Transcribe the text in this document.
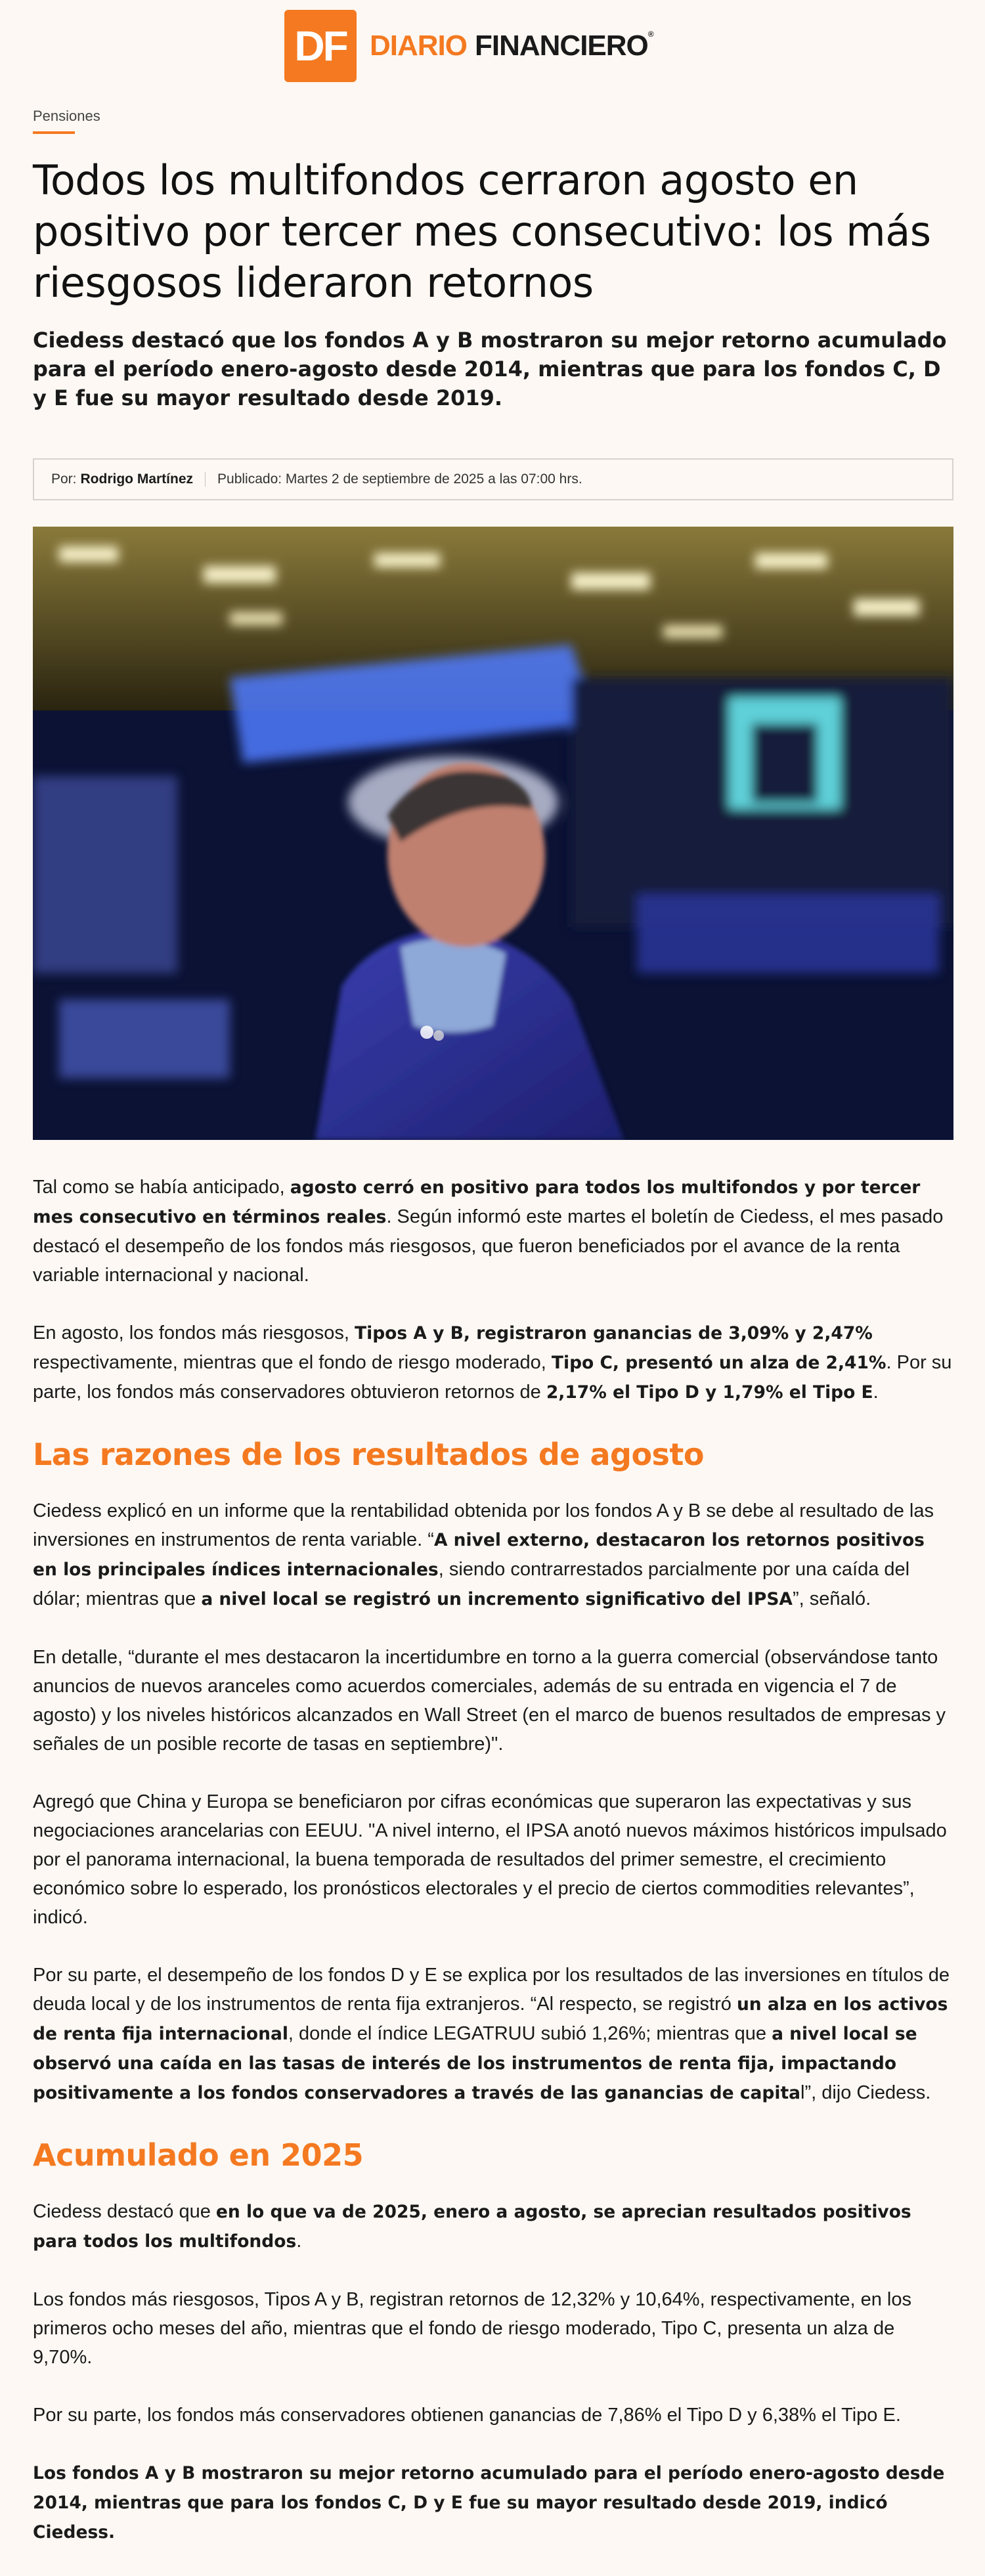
DF DIARIO FINANCIERO®

Pensiones

Todos los multifondos cerraron agosto en positivo por tercer mes consecutivo: los más riesgosos lideraron retornos

Ciedess destacó que los fondos A y B mostraron su mejor retorno acumulado para el período enero-agosto desde 2014, mientras que para los fondos C, D y E fue su mayor resultado desde 2019.

Por: Rodrigo Martínez Publicado: Martes 2 de septiembre de 2025 a las 07:00 hrs.

Tal como se había anticipado, agosto cerró en positivo para todos los multifondos y por tercer mes consecutivo en términos reales. Según informó este martes el boletín de Ciedess, el mes pasado destacó el desempeño de los fondos más riesgosos, que fueron beneficiados por el avance de la renta variable internacional y nacional.

En agosto, los fondos más riesgosos, Tipos A y B, registraron ganancias de 3,09% y 2,47% respectivamente, mientras que el fondo de riesgo moderado, Tipo C, presentó un alza de 2,41%. Por su parte, los fondos más conservadores obtuvieron retornos de 2,17% el Tipo D y 1,79% el Tipo E.

Las razones de los resultados de agosto

Ciedess explicó en un informe que la rentabilidad obtenida por los fondos A y B se debe al resultado de las inversiones en instrumentos de renta variable. “A nivel externo, destacaron los retornos positivos en los principales índices internacionales, siendo contrarrestados parcialmente por una caída del dólar; mientras que a nivel local se registró un incremento significativo del IPSA”, señaló.

En detalle, “durante el mes destacaron la incertidumbre en torno a la guerra comercial (observándose tanto anuncios de nuevos aranceles como acuerdos comerciales, además de su entrada en vigencia el 7 de agosto) y los niveles históricos alcanzados en Wall Street (en el marco de buenos resultados de empresas y señales de un posible recorte de tasas en septiembre)".

Agregó que China y Europa se beneficiaron por cifras económicas que superaron las expectativas y sus negociaciones arancelarias con EEUU. "A nivel interno, el IPSA anotó nuevos máximos históricos impulsado por el panorama internacional, la buena temporada de resultados del primer semestre, el crecimiento económico sobre lo esperado, los pronósticos electorales y el precio de ciertos commodities relevantes”, indicó.

Por su parte, el desempeño de los fondos D y E se explica por los resultados de las inversiones en títulos de deuda local y de los instrumentos de renta fija extranjeros. “Al respecto, se registró un alza en los activos de renta fija internacional, donde el índice LEGATRUU subió 1,26%; mientras que a nivel local se observó una caída en las tasas de interés de los instrumentos de renta fija, impactando positivamente a los fondos conservadores a través de las ganancias de capital”, dijo Ciedess.

Acumulado en 2025

Ciedess destacó que en lo que va de 2025, enero a agosto, se aprecian resultados positivos para todos los multifondos.

Los fondos más riesgosos, Tipos A y B, registran retornos de 12,32% y 10,64%, respectivamente, en los primeros ocho meses del año, mientras que el fondo de riesgo moderado, Tipo C, presenta un alza de 9,70%.

Por su parte, los fondos más conservadores obtienen ganancias de 7,86% el Tipo D y 6,38% el Tipo E.

Los fondos A y B mostraron su mejor retorno acumulado para el período enero-agosto desde 2014, mientras que para los fondos C, D y E fue su mayor resultado desde 2019, indicó Ciedess.
